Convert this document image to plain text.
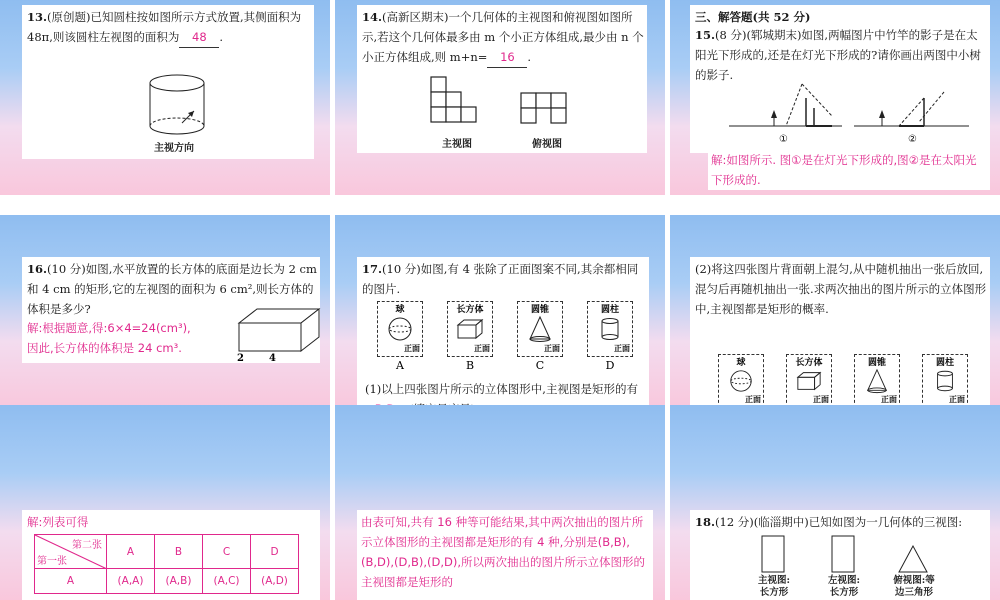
13.(原创题)已知圆柱按如图所示方式放置,其侧面积为 48π,则该圆柱左视图的面积为 48 .
主视方向
14.(高新区期末)一个几何体的主视图和俯视图如图所示,若这个几何体最多由 m 个小正方体组成,最少由 n 个小正方体组成,则 m+n= 16 .
主视图	俯视图
三、解答题(共 52 分)
15.(8 分)(郓城期末)如图,两幅图片中竹竿的影子是在太阳光下形成的,还是在灯光下形成的?请你画出两图中小树的影子.
①	②
解:如图所示. 图①是在灯光下形成的,图②是在太阳光下形成的.
16.(10 分)如图,水平放置的长方体的底面是边长为 2 cm 和 4 cm 的矩形,它的左视图的面积为 6 cm²,则长方体的体积是多少?
解:根据题意,得:6×4=24(cm³),
因此,长方体的体积是 24 cm³.
2	4
17.(10 分)如图,有 4 张除了正面图案不同,其余都相同的图片.
球
正面
长方体
正面
圆锥
正面
圆柱
正面
A	B	C	D
(1)以上四张图片所示的立体图形中,主视图是矩形的有
(2)将这四张图片背面朝上混匀,从中随机抽出一张后放回,混匀后再随机抽出一张.求两次抽出的图片所示的立体图形中,主视图都是矩形的概率.
球
正面
长方体
正面
圆锥
正面
圆柱
正面
解:列表可得
第二张
第一张	A	B	C	D
A	(A,A)	(A,B)	(A,C)	(A,D)
由表可知,共有 16 种等可能结果,其中两次抽出的图片所示立体图形的主视图都是矩形的有 4 种,分别是(B,B),(B,D),(D,B),(D,D),所以两次抽出的图片所示立体图形的主视图都是矩形的
18.(12 分)(临淄期中)已知如图为一几何体的三视图:
主视图:
长方形
左视图:
长方形
俯视图:等
边三角形
